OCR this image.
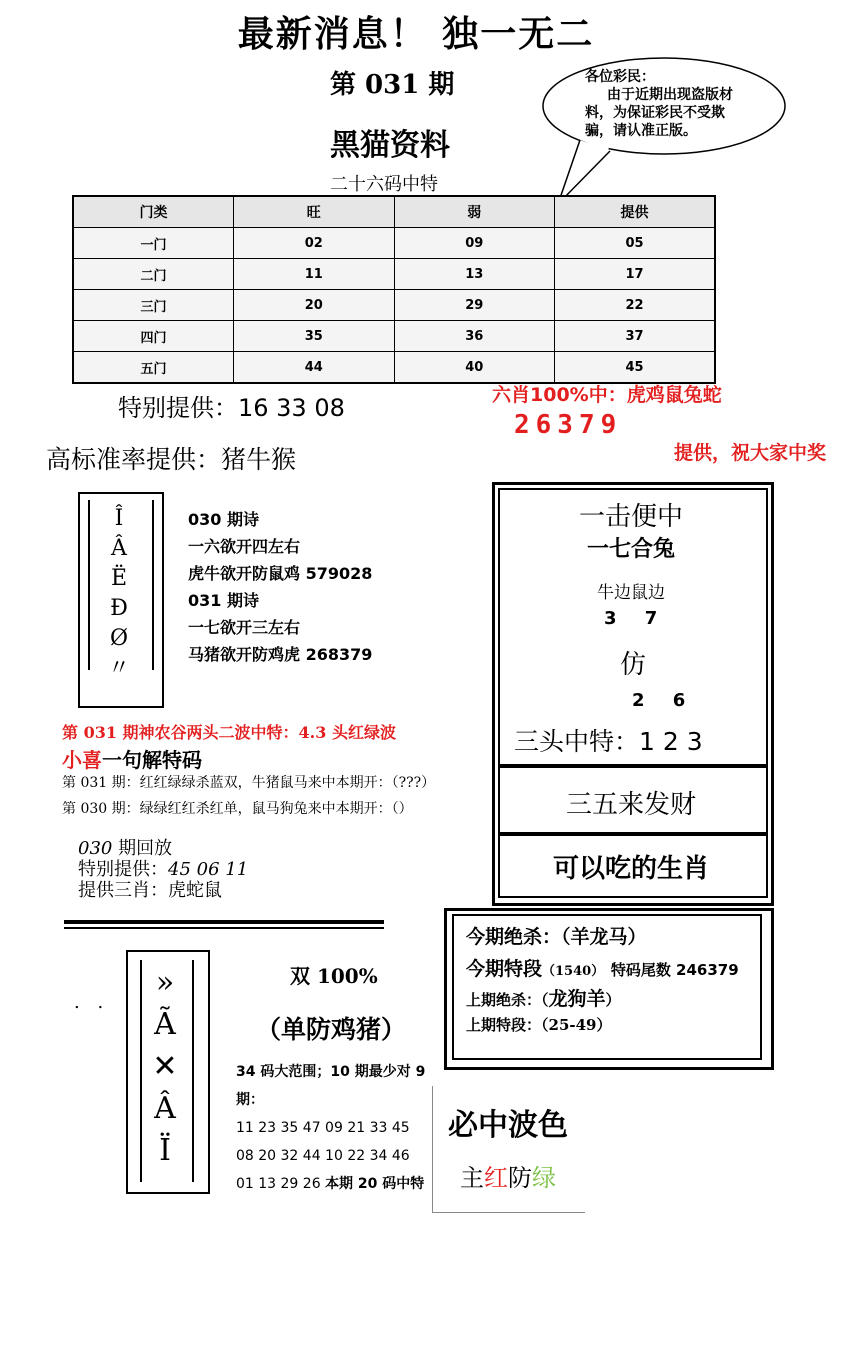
最新消息！ 独一无二
第 031 期
黑猫资料
二十六码中特
各位彩民：
由于近期出现盗版材料，为保证彩民不受欺骗，请认准正版。
门类	旺	弱	提供
一门	02	09	05
二门	11	13	17
三门	20	29	22
四门	35	36	37
五门	44	40	45
特别提供：16 33 08	六肖100%中：虎鸡鼠兔蛇
26379
提供，祝大家中奖
高标准率提供：猪牛猴
Î
Â
Ë
Đ
Ø
〃
030 期诗
一六欲开四左右
虎牛欲开防鼠鸡 579028
031 期诗
一七欲开三左右
马猪欲开防鸡虎 268379
一击便中
一七合兔
牛边鼠边
3 7
仿
2 6
三头中特：1 2 3
三五来发财
可以吃的生肖
第 031 期神农谷两头二波中特：4.3 头红绿波
小喜一句解特码
第 031 期：红红绿绿杀蓝双，牛猪鼠马来中本期开：（???）
第 030 期：绿绿红红杀红单，鼠马狗兔来中本期开：（）
030 期回放
特别提供：45 06 11
提供三肖：虎蛇鼠
今期绝杀：（羊龙马）
今期特段（1540） 特码尾数 246379
上期绝杀：（龙狗羊）
上期特段：（25-49）
»
Ã
✕
Â
Ï
. .
双 100%
（单防鸡猪）
34 码大范围；10 期最少对 9 期：
11 23 35 47 09 21 33 45
08 20 32 44 10 22 34 46
01 13 29 26 本期 20 码中特
必中波色
主红防绿
